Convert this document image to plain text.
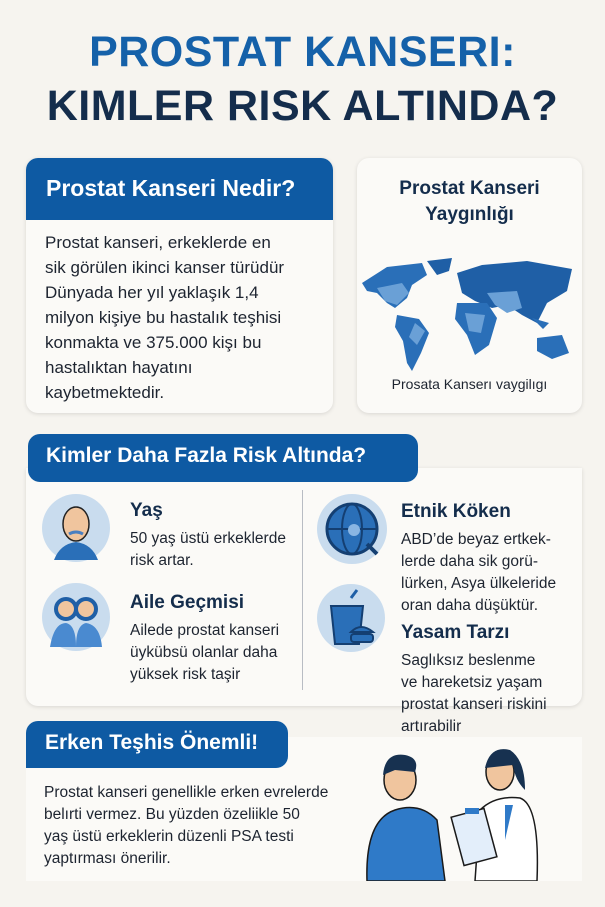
PROSTAT KANSERI:
KIMLER RISK ALTINDA?
Prostat Kanseri Nedir?
Prostat kanseri, erkeklerde en
sik görülen ikinci kanser türüdür
Dünyada her yıl yaklaşık 1,4
milyon kişiye bu hastalık teşhisi
konmakta ve 375.000 kişı bu
hastalıktan hayatını
kaybetmektedir.
Prostat Kanseri
Yaygınlığı
Prosata Kanserı vaygilıgı
Kimler Daha Fazla Risk Altında?
Yaş
50 yaş üstü erkeklerde
risk artar.
Aile Geçmisi
Ailede prostat kanseri
üykübsü olanlar daha
yüksek risk taşir
Etnik Köken
ABD’de beyaz ertkek-
lerde daha sik gorü-
lürken, Asya ülkeleride
oran daha düşüktür.
Yasam Tarzı
Saglıksız beslenme
ve hareketsiz yaşam
prostat kanseri riskini
artırabilir
Erken Teşhis Önemli!
Prostat kanseri genellikle erken evrelerde
belırti vermez. Bu yüzden özeliikle 50
yaş üstü erkeklerin düzenli PSA testi
yaptırması önerilir.
